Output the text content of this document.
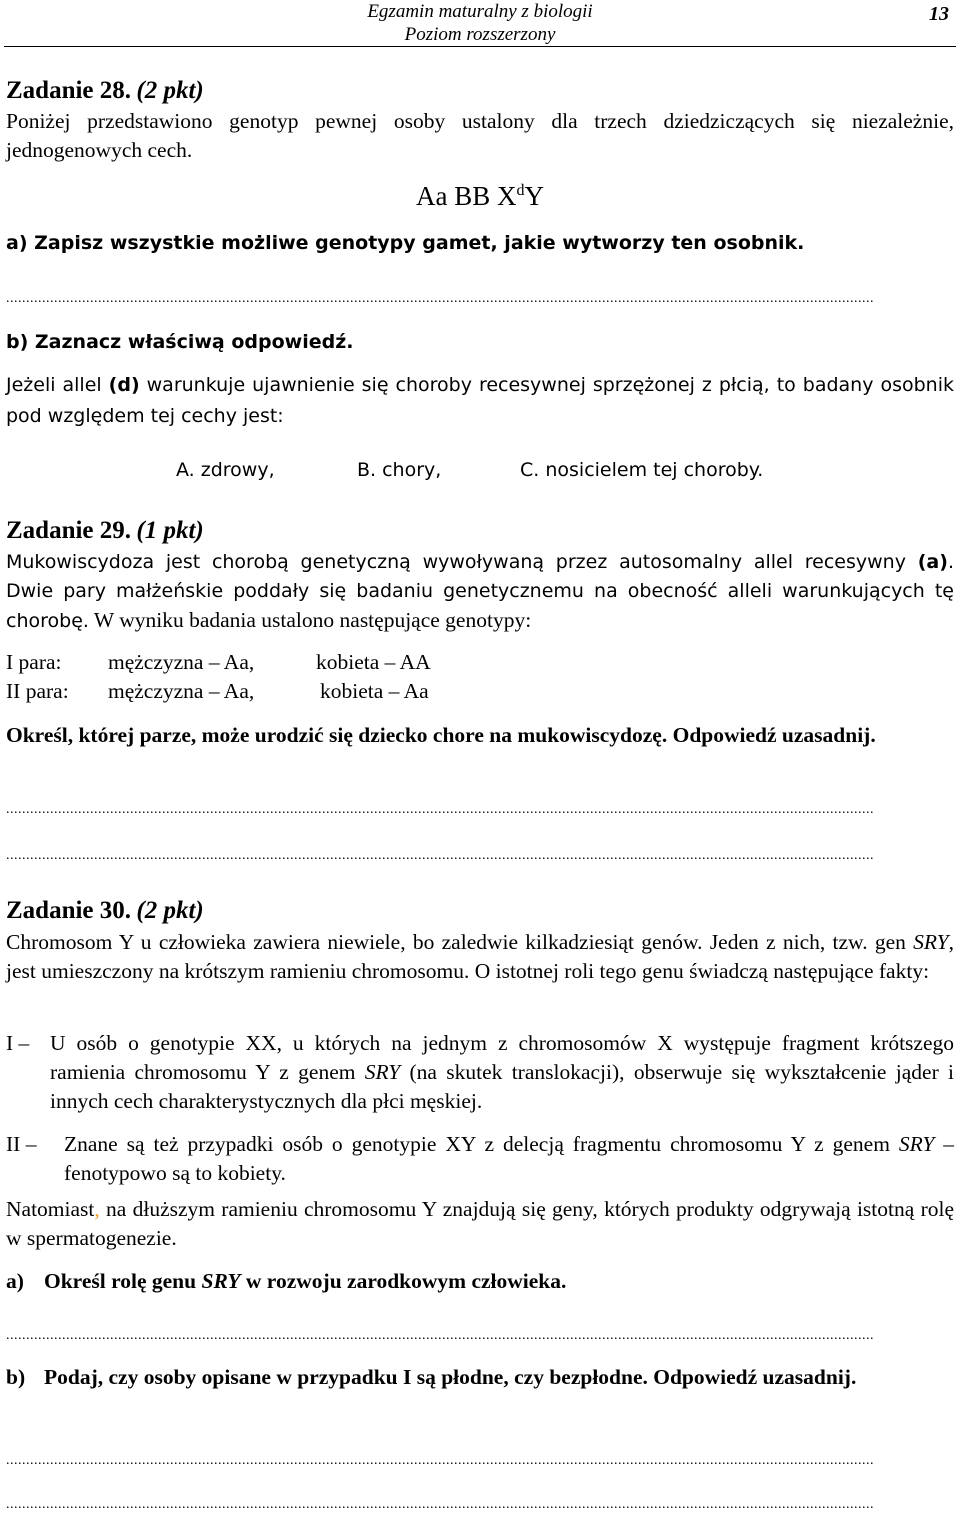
Egzamin maturalny z biologii
Poziom rozszerzony
13
Zadanie 28. (2 pkt)
Poniżej przedstawiono genotyp pewnej osoby ustalony dla trzech dziedziczących się niezależnie, jednogenowych cech.
Aa BB $X^dY$
a) Zapisz wszystkie możliwe genotypy gamet, jakie wytworzy ten osobnik.
.........................................................................................................................................................................................................................
b) Zaznacz właściwą odpowiedź.
Jeżeli allel (d) warunkuje ujawnienie się choroby recesywnej sprzężonej z płcią, to badany osobnik pod względem tej cechy jest:
A. zdrowy,	B. chory,	C. nosicielem tej choroby.
Zadanie 29. (1 pkt)
Mukowiscydoza jest chorobą genetyczną wywoływaną przez autosomalny allel recesywny (a). Dwie pary małżeńskie poddały się badaniu genetycznemu na obecność alleli warunkujących tę chorobę. W wyniku badania ustalono następujące genotypy:
I para: mężczyzna – Aa,	kobieta – AA
II para: mężczyzna – Aa,	kobieta – Aa
Określ, której parze, może urodzić się dziecko chore na mukowiscydozę. Odpowiedź uzasadnij.
.........................................................................................................................................................................................................................
.........................................................................................................................................................................................................................
Zadanie 30. (2 pkt)
Chromosom Y u człowieka zawiera niewiele, bo zaledwie kilkadziesiąt genów. Jeden z nich, tzw. gen SRY, jest umieszczony na krótszym ramieniu chromosomu. O istotnej roli tego genu świadczą następujące fakty:
I – U osób o genotypie XX, u których na jednym z chromosomów X występuje fragment krótszego ramienia chromosomu Y z genem SRY (na skutek translokacji), obserwuje się wykształcenie jąder i innych cech charakterystycznych dla płci męskiej.
II – Znane są też przypadki osób o genotypie XY z delecją fragmentu chromosomu Y z genem SRY – fenotypowo są to kobiety.
Natomiast, na dłuższym ramieniu chromosomu Y znajdują się geny, których produkty odgrywają istotną rolę w spermatogenezie.
a) Określ rolę genu SRY w rozwoju zarodkowym człowieka.
.........................................................................................................................................................................................................................
b) Podaj, czy osoby opisane w przypadku I są płodne, czy bezpłodne. Odpowiedź uzasadnij.
.........................................................................................................................................................................................................................
.........................................................................................................................................................................................................................
